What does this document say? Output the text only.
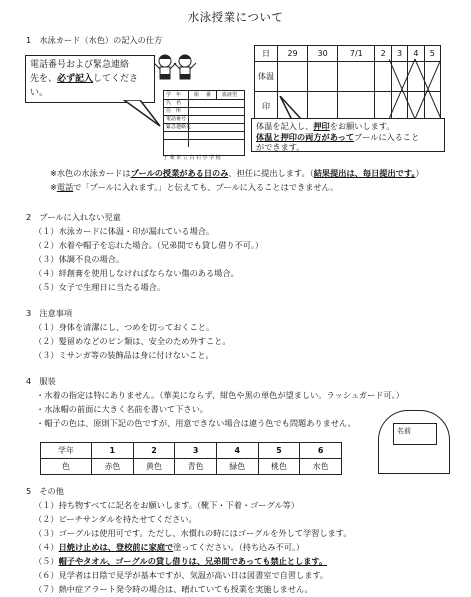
水泳授業について
1　水泳カード（水色）の記入の仕方
電話番号および緊急連絡
先を、必ず記入してくださ
い。	学　年
氏　名
住　所
電話番号
緊急連絡先
組 番 血液型
子 楽 市 立 白 石 小 学 校
日	29	30	7/1	2	3	4	5
体温							
印							
体温を記入し、押印をお願いします。
体温と押印の両方があってプールに入ること
ができます。
※水色の水泳カードはプールの授業がある日のみ、担任に提出します。（結果提出は、毎日提出です。）
※電話で「プールに入れます。」と伝えても、プールに入ることはできません。
2　プールに入れない児童
（１）水泳カードに体温・印が漏れている場合。
（２）水着や帽子を忘れた場合。（兄弟間でも貸し借り不可。）
（３）体調不良の場合。
（４）絆創膏を使用しなければならない傷のある場合。
（５）女子で生理日に当たる場合。
3　注意事項
（１）身体を清潔にし、つめを切っておくこと。
（２）髪留めなどのピン類は、安全のため外すこと。
（３）ミサンガ等の装飾品は身に付けないこと。
4　服装
・水着の指定は特にありません。（華美にならず、紺色や黒の単色が望ましい。ラッシュガード可。）
・水泳帽の前面に大きく名前を書いて下さい。
・帽子の色は、原則下記の色ですが、用意できない場合は違う色でも問題ありません。
学年	1	2	3	4	5	6
色	赤色	黄色	青色	緑色	桃色	水色
名前
5　その他
（１）持ち物すべてに記名をお願いします。（靴下・下着・ゴーグル等）
（２）ビーチサンダルを持たせてください。
（３）ゴーグルは使用可です。ただし、水慣れの時にはゴーグルを外して学習します。
（４）日焼け止めは、登校前に家庭で塗ってください。（持ち込み不可。）
（５）帽子やタオル、ゴーグルの貸し借りは、兄弟間であっても禁止とします。
（６）見学者は日陰で見学が基本ですが、気温が高い日は図書室で自習します。
（７）熱中症アラート発令時の場合は、晴れていても授業を実施しません。
